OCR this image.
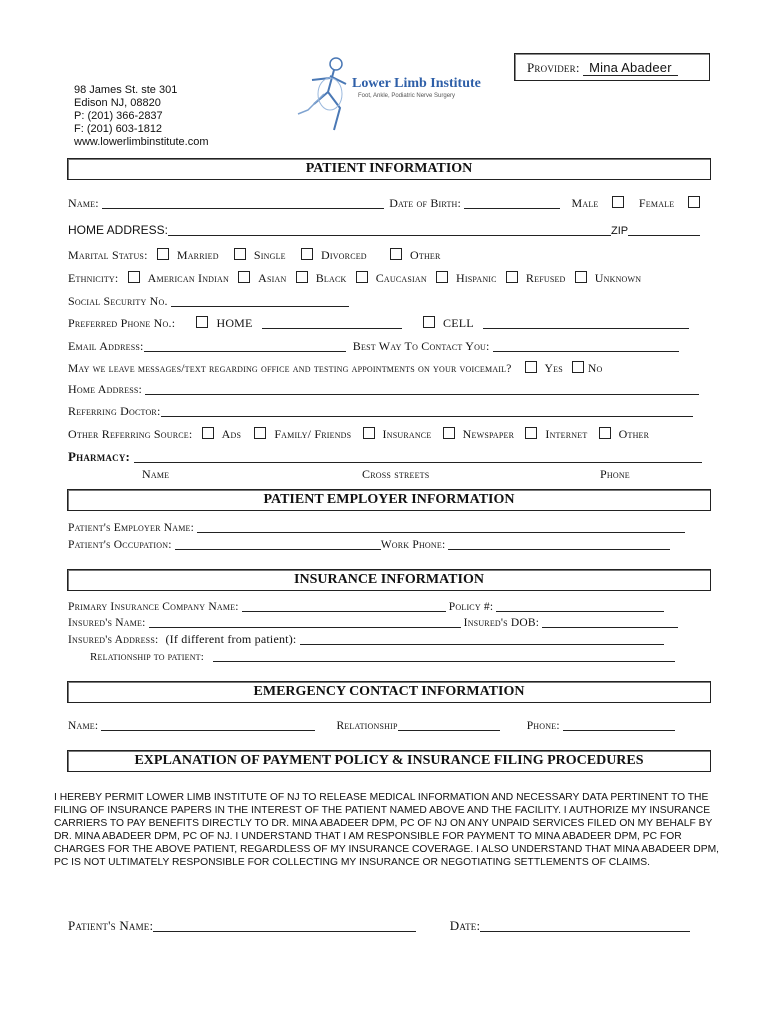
Provider: Mina Abadeer
98 James St. ste 301
Edison NJ, 08820
P: (201) 366-2837
F: (201) 603-1812
www.lowerlimbinstitute.com
Lower Limb Institute
Foot, Ankle, Podiatric Nerve Surgery
PATIENT INFORMATION
Name:	Date of Birth:	Male	Female
HOME ADDRESS:	ZIP
Marital Status: Married	Single	Divorced	Other
Ethnicity: American Indian Asian Black Caucasian Hispanic Refused Unknown
Social Security No.
Preferred Phone No.:	HOME	CELL
Email Address:	Best Way To Contact You:
May we leave messages/text regarding office and testing appointments on your voicemail?	Yes No
Home Address:
Referring Doctor:
Other Referring Source: Ads	Family/ Friends	Insurance	Newspaper	Internet	Other
Pharmacy:
Name	Cross streets	Phone
PATIENT EMPLOYER INFORMATION
Patient's Employer Name:
Patient's Occupation:	Work Phone:
INSURANCE INFORMATION
Primary Insurance Company Name:	Policy #:
Insured's Name:	Insured's DOB:
Insured's Address: (If different from patient):
Relationship to patient:
EMERGENCY CONTACT INFORMATION
Name:	Relationship	Phone:
EXPLANATION OF PAYMENT POLICY & INSURANCE FILING PROCEDURES
I HEREBY PERMIT LOWER LIMB INSTITUTE OF NJ TO RELEASE MEDICAL INFORMATION AND NECESSARY DATA PERTINENT TO THE FILING OF INSURANCE PAPERS IN THE INTEREST OF THE PATIENT NAMED ABOVE AND THE FACILITY. I AUTHORIZE MY INSURANCE CARRIERS TO PAY BENEFITS DIRECTLY TO DR. MINA ABADEER DPM, PC OF NJ ON ANY UNPAID SERVICES FILED ON MY BEHALF BY DR. MINA ABADEER DPM, PC OF NJ. I UNDERSTAND THAT I AM RESPONSIBLE FOR PAYMENT TO MINA ABADEER DPM, PC FOR CHARGES FOR THE ABOVE PATIENT, REGARDLESS OF MY INSURANCE COVERAGE. I ALSO UNDERSTAND THAT MINA ABADEER DPM, PC IS NOT ULTIMATELY RESPONSIBLE FOR COLLECTING MY INSURANCE OR NEGOTIATING SETTLEMENTS OF CLAIMS.
Patient's Name:	Date:
